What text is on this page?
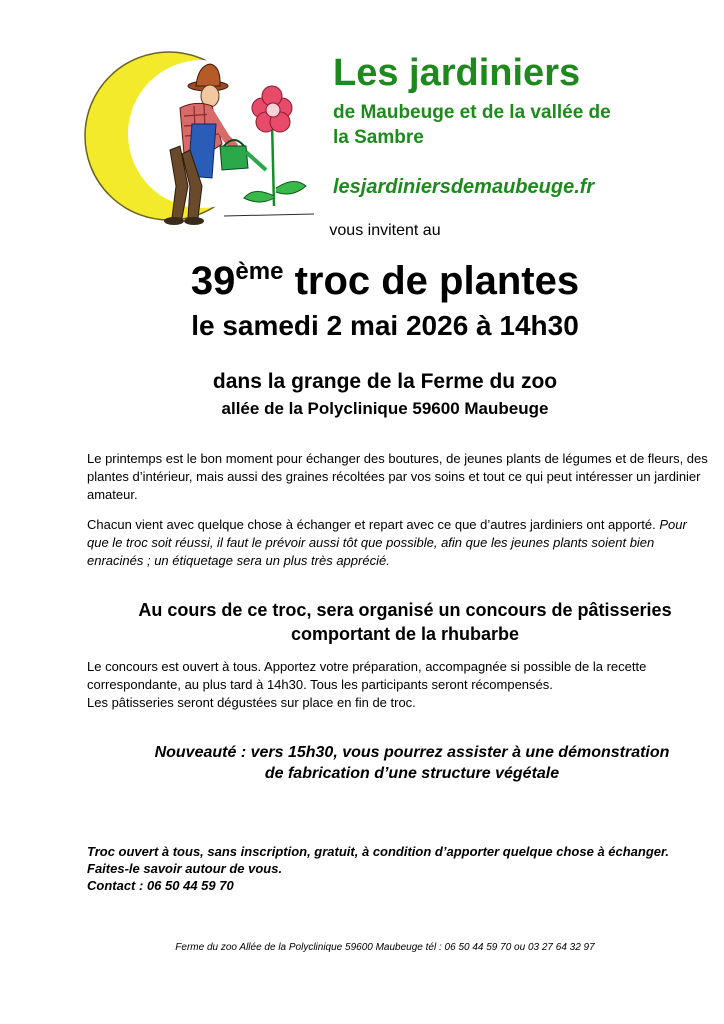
Les jardiniers
de Maubeuge et de la vallée de
la Sambre
lesjardiniersdemaubeuge.fr
vous invitent au
39ème troc de plantes
le samedi 2 mai 2026 à 14h30
dans la grange de la Ferme du zoo
allée de la Polyclinique 59600 Maubeuge
Le printemps est le bon moment pour échanger des boutures, de jeunes plants de légumes et de fleurs, des plantes d’intérieur, mais aussi des graines récoltées par vos soins et tout ce qui peut intéresser un jardinier amateur.
Chacun vient avec quelque chose à échanger et repart avec ce que d’autres jardiniers ont apporté. Pour que le troc soit réussi, il faut le prévoir aussi tôt que possible, afin que les jeunes plants soient bien enracinés ; un étiquetage sera un plus très apprécié.
Au cours de ce troc, sera organisé un concours de pâtisseries
comportant de la rhubarbe
Le concours est ouvert à tous. Apportez votre préparation, accompagnée si possible de la recette correspondante, au plus tard à 14h30. Tous les participants seront récompensés.
Les pâtisseries seront dégustées sur place en fin de troc.
Nouveauté : vers 15h30, vous pourrez assister à une démonstration
de fabrication d’une structure végétale
Troc ouvert à tous, sans inscription, gratuit, à condition d’apporter quelque chose à échanger. Faites-le savoir autour de vous.
Contact : 06 50 44 59 70
Ferme du zoo Allée de la Polyclinique 59600 Maubeuge tél : 06 50 44 59 70 ou 03 27 64 32 97
